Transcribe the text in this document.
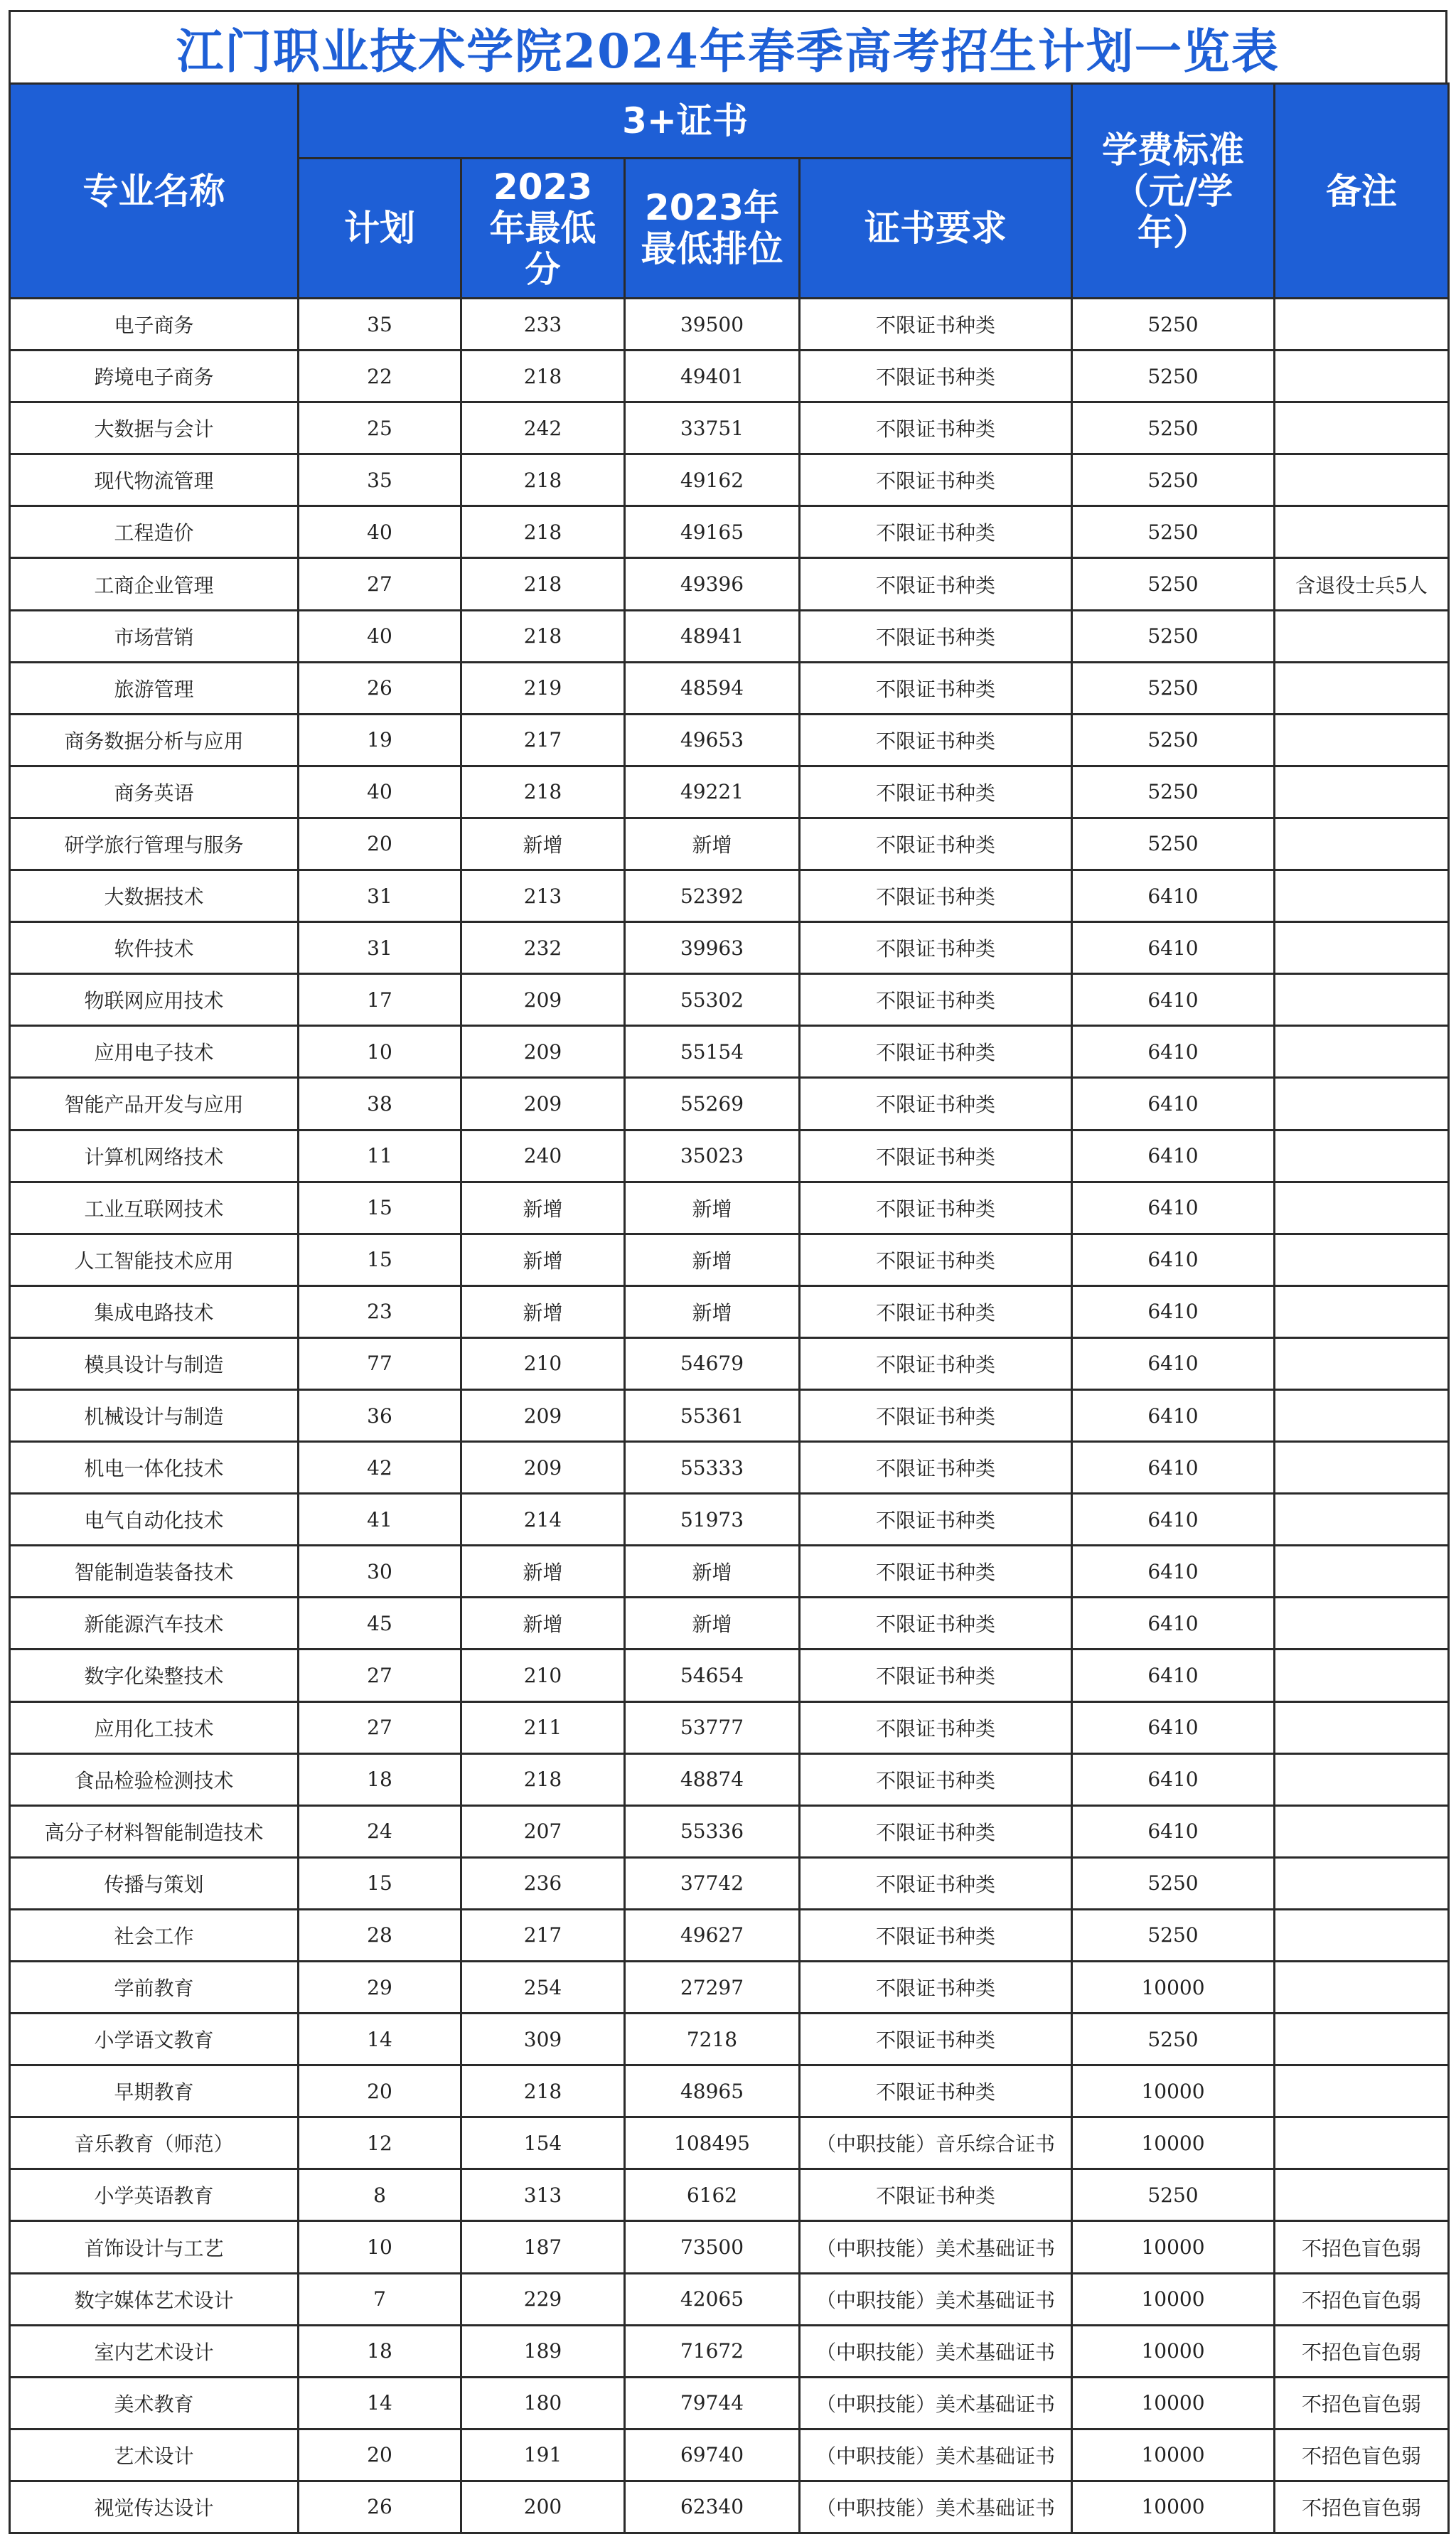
江门职业技术学院2024年春季高考招生计划一览表
专业名称	3+证书				学费标准（元/学年）	备注
	计划	2023年最低分	2023年最低排位	证书要求		
电子商务	35	233	39500	不限证书种类	5250	
跨境电子商务	22	218	49401	不限证书种类	5250	
大数据与会计	25	242	33751	不限证书种类	5250	
现代物流管理	35	218	49162	不限证书种类	5250	
工程造价	40	218	49165	不限证书种类	5250	
工商企业管理	27	218	49396	不限证书种类	5250	含退役士兵5人
市场营销	40	218	48941	不限证书种类	5250	
旅游管理	26	219	48594	不限证书种类	5250	
商务数据分析与应用	19	217	49653	不限证书种类	5250	
商务英语	40	218	49221	不限证书种类	5250	
研学旅行管理与服务	20	新增	新增	不限证书种类	5250	
大数据技术	31	213	52392	不限证书种类	6410	
软件技术	31	232	39963	不限证书种类	6410	
物联网应用技术	17	209	55302	不限证书种类	6410	
应用电子技术	10	209	55154	不限证书种类	6410	
智能产品开发与应用	38	209	55269	不限证书种类	6410	
计算机网络技术	11	240	35023	不限证书种类	6410	
工业互联网技术	15	新增	新增	不限证书种类	6410	
人工智能技术应用	15	新增	新增	不限证书种类	6410	
集成电路技术	23	新增	新增	不限证书种类	6410	
模具设计与制造	77	210	54679	不限证书种类	6410	
机械设计与制造	36	209	55361	不限证书种类	6410	
机电一体化技术	42	209	55333	不限证书种类	6410	
电气自动化技术	41	214	51973	不限证书种类	6410	
智能制造装备技术	30	新增	新增	不限证书种类	6410	
新能源汽车技术	45	新增	新增	不限证书种类	6410	
数字化染整技术	27	210	54654	不限证书种类	6410	
应用化工技术	27	211	53777	不限证书种类	6410	
食品检验检测技术	18	218	48874	不限证书种类	6410	
高分子材料智能制造技术	24	207	55336	不限证书种类	6410	
传播与策划	15	236	37742	不限证书种类	5250	
社会工作	28	217	49627	不限证书种类	5250	
学前教育	29	254	27297	不限证书种类	10000	
小学语文教育	14	309	7218	不限证书种类	5250	
早期教育	20	218	48965	不限证书种类	10000	
音乐教育（师范）	12	154	108495	（中职技能）音乐综合证书	10000	
小学英语教育	8	313	6162	不限证书种类	5250	
首饰设计与工艺	10	187	73500	（中职技能）美术基础证书	10000	不招色盲色弱
数字媒体艺术设计	7	229	42065	（中职技能）美术基础证书	10000	不招色盲色弱
室内艺术设计	18	189	71672	（中职技能）美术基础证书	10000	不招色盲色弱
美术教育	14	180	79744	（中职技能）美术基础证书	10000	不招色盲色弱
艺术设计	20	191	69740	（中职技能）美术基础证书	10000	不招色盲色弱
视觉传达设计	26	200	62340	（中职技能）美术基础证书	10000	不招色盲色弱
